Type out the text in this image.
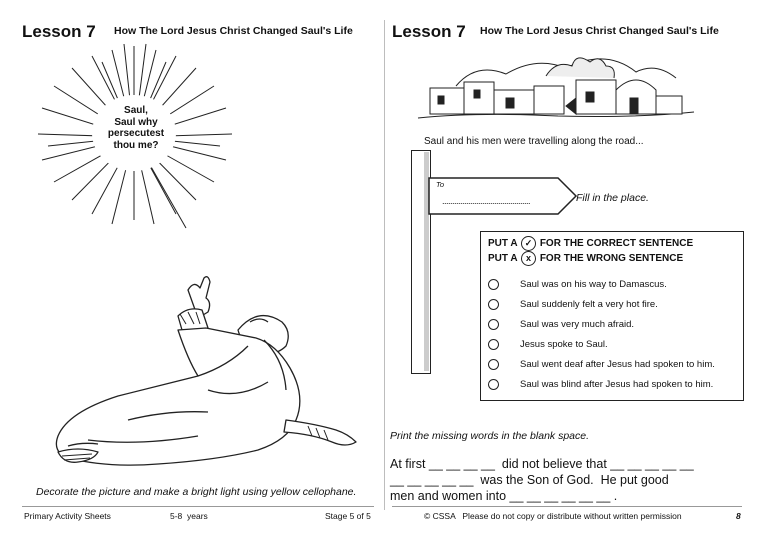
Lesson 7 How The Lord Jesus Christ Changed Saul's Life
Saul,
Saul why
persecutest
thou me?
Decorate the picture and make a bright light using yellow cellophane.
Lesson 7 How The Lord Jesus Christ Changed Saul's Life
Saul and his men were travelling along the road...
To
............................................	Fill in the place.
PUT A ✓ FOR THE CORRECT SENTENCE
PUT A x FOR THE WRONG SENTENCE
Saul was on his way to Damascus.
Saul suddenly felt a very hot fire.
Saul was very much afraid.
Jesus spoke to Saul.
Saul went deaf after Jesus had spoken to him.
Saul was blind after Jesus had spoken to him.
Print the missing words in the blank space.
At first __ __ __ __  did not believe that __ __ __ __ __
__ __ __ __ __  was the Son of God.  He put good
men and women into __ __ __ __ __ __ .
Primary Activity Sheets	5-8  years	Stage 5 of 5	© CSSA   Please do not copy or distribute without written permission	8
